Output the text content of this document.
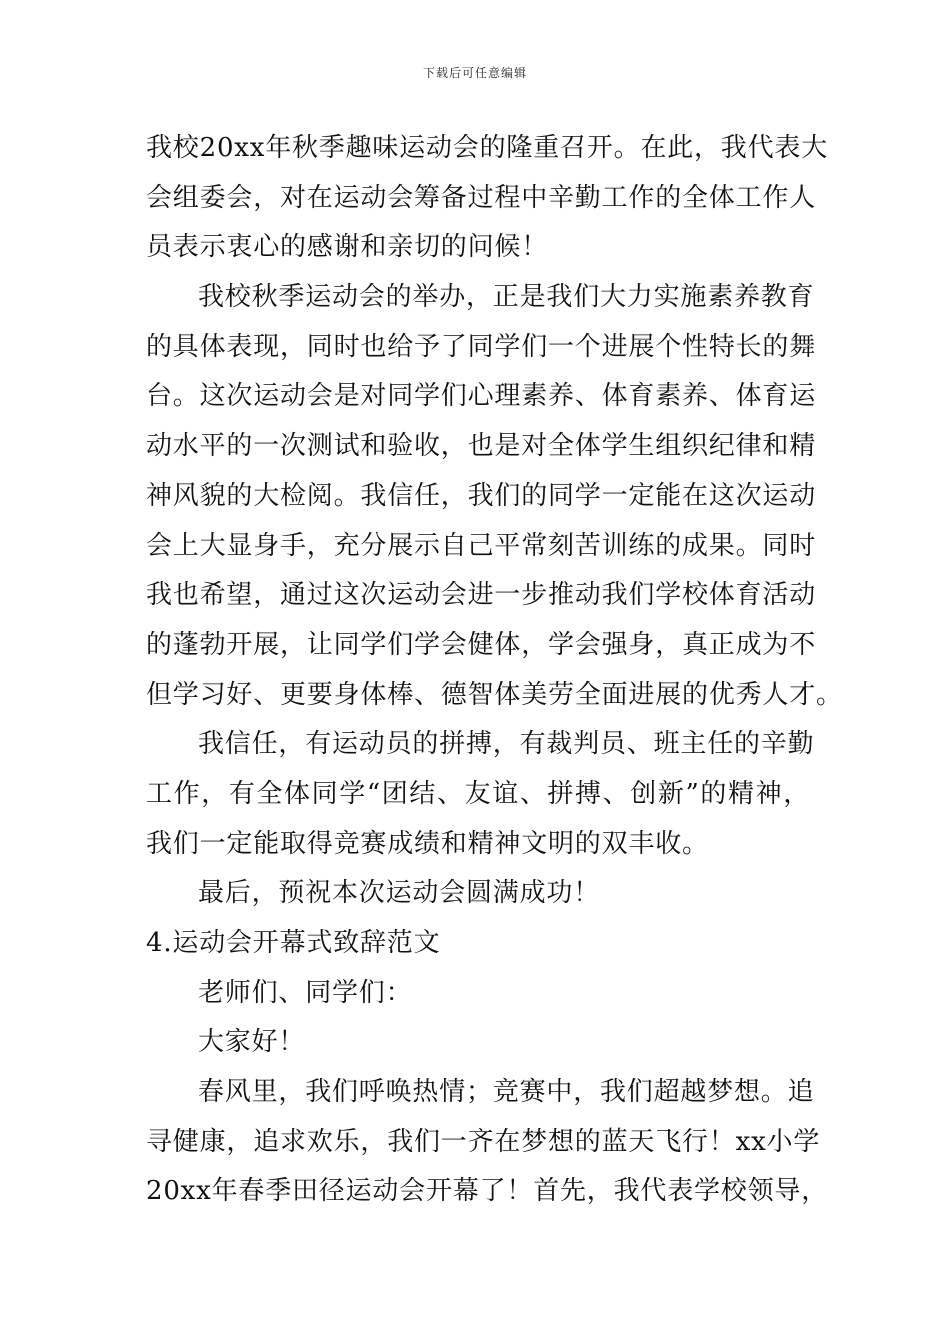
下载后可任意编辑
我校20xx年秋季趣味运动会的隆重召开。在此，我代表大
会组委会，对在运动会筹备过程中辛勤工作的全体工作人
员表示衷心的感谢和亲切的问候！
我校秋季运动会的举办，正是我们大力实施素养教育
的具体表现，同时也给予了同学们一个进展个性特长的舞
台。这次运动会是对同学们心理素养、体育素养、体育运
动水平的一次测试和验收，也是对全体学生组织纪律和精
神风貌的大检阅。我信任，我们的同学一定能在这次运动
会上大显身手，充分展示自己平常刻苦训练的成果。同时
我也希望，通过这次运动会进一步推动我们学校体育活动
的蓬勃开展，让同学们学会健体，学会强身，真正成为不
但学习好、更要身体棒、德智体美劳全面进展的优秀人才。
我信任，有运动员的拼搏，有裁判员、班主任的辛勤
工作，有全体同学“团结、友谊、拼搏、创新”的精神，
我们一定能取得竞赛成绩和精神文明的双丰收。
最后，预祝本次运动会圆满成功！
4.运动会开幕式致辞范文
老师们、同学们：
大家好！
春风里，我们呼唤热情；竞赛中，我们超越梦想。追
寻健康，追求欢乐，我们一齐在梦想的蓝天飞行！xx小学
20xx年春季田径运动会开幕了！首先，我代表学校领导，
